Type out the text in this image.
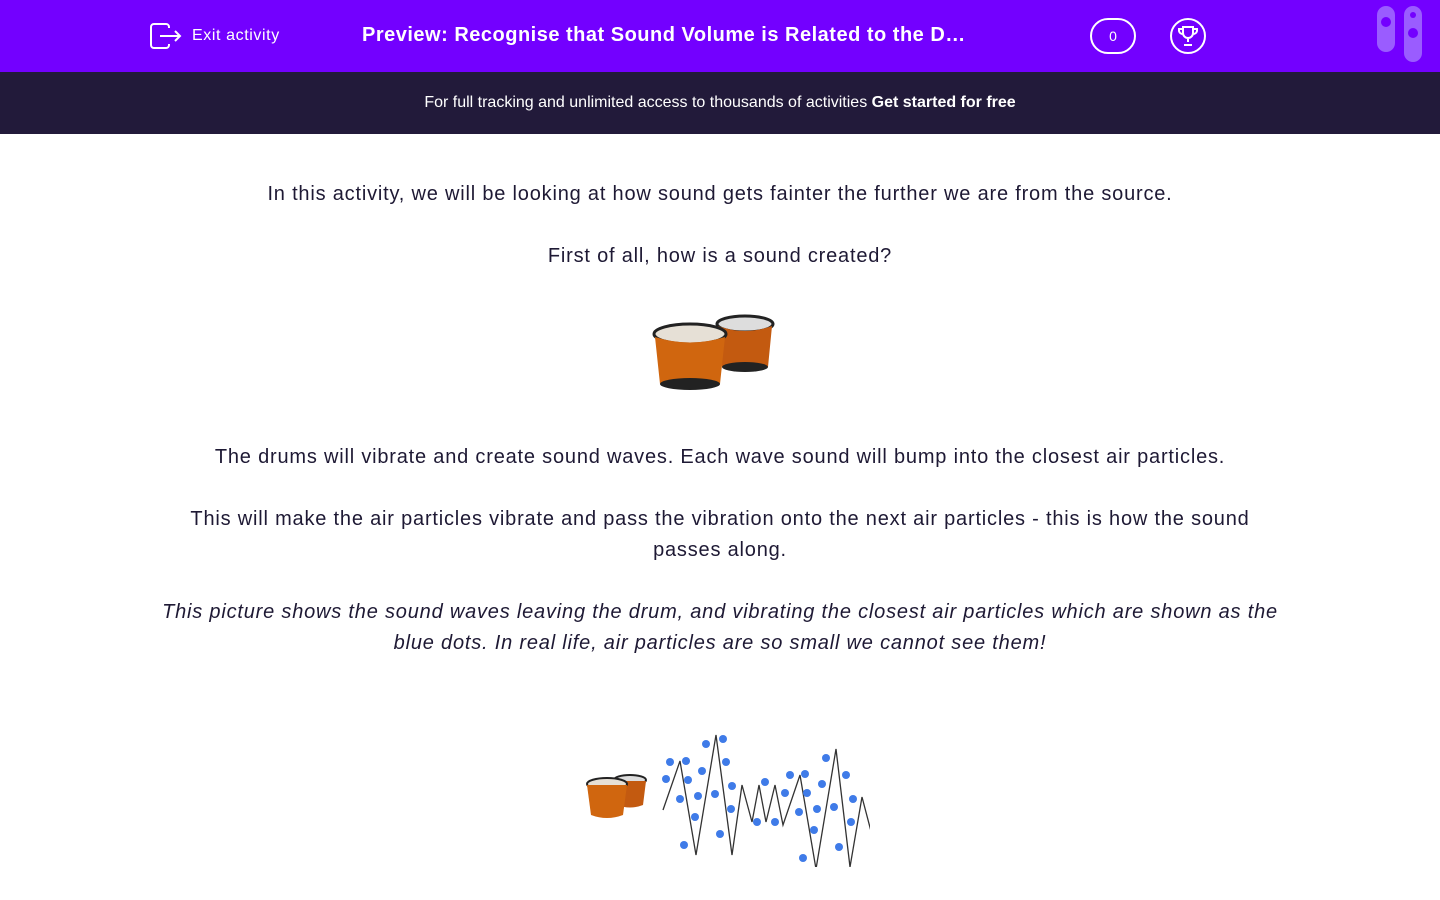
Exit activity	Preview: Recognise that Sound Volume is Related to the D…	0
For full tracking and unlimited access to thousands of activities Get started for free

In this activity, we will be looking at how sound gets fainter the further we are from the source.

First of all, how is a sound created?

The drums will vibrate and create sound waves. Each wave sound will bump into the closest air particles.

This will make the air particles vibrate and pass the vibration onto the next air particles - this is how the sound passes along.

This picture shows the sound waves leaving the drum, and vibrating the closest air particles which are shown as the blue dots. In real life, air particles are so small we cannot see them!
